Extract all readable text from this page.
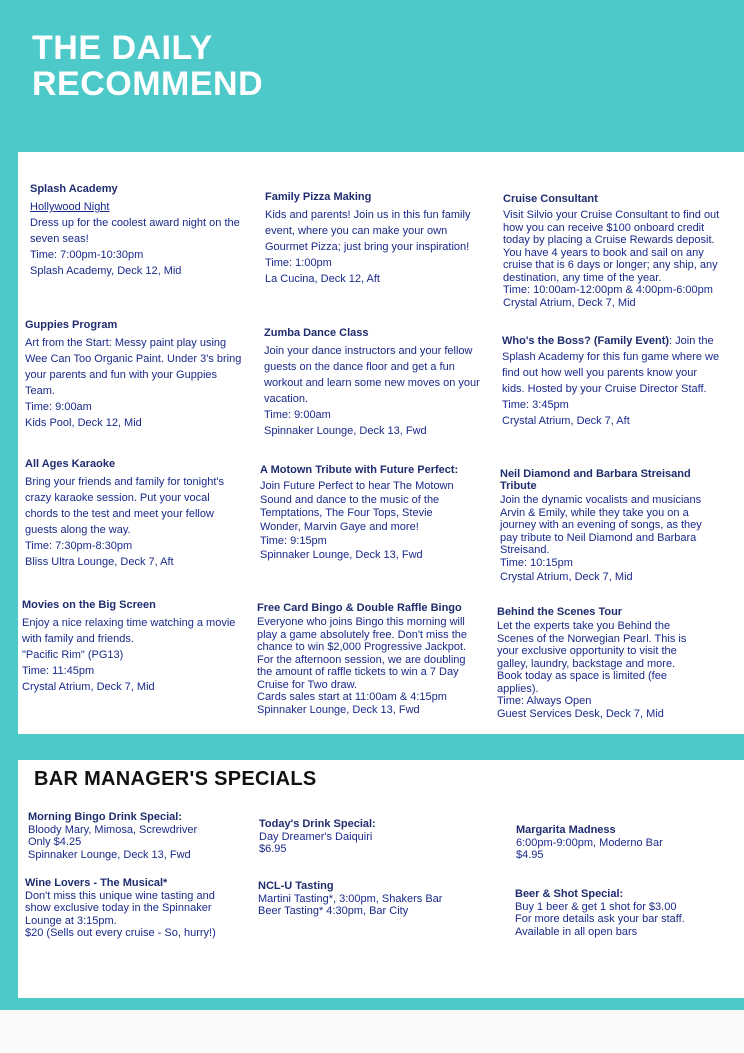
THE DAILY
RECOMMEND
Splash Academy
Hollywood Night
Dress up for the coolest award night on the seven seas!
Time: 7:00pm-10:30pm
Splash Academy, Deck 12, Mid
Family Pizza Making
Kids and parents! Join us in this fun family event, where you can make your own Gourmet Pizza; just bring your inspiration!
Time: 1:00pm
La Cucina, Deck 12, Aft
Cruise Consultant
Visit Silvio your Cruise Consultant to find out how you can receive $100 onboard credit today by placing a Cruise Rewards deposit. You have 4 years to book and sail on any cruise that is 6 days or longer; any ship, any destination, any time of the year.
Time: 10:00am-12:00pm & 4:00pm-6:00pm
Crystal Atrium, Deck 7, Mid
Guppies Program
Art from the Start: Messy paint play using Wee Can Too Organic Paint. Under 3's bring your parents and fun with your Guppies Team.
Time: 9:00am
Kids Pool, Deck 12, Mid
Zumba Dance Class
Join your dance instructors and your fellow guests on the dance floor and get a fun workout and learn some new moves on your vacation.
Time: 9:00am
Spinnaker Lounge, Deck 13, Fwd
Who's the Boss? (Family Event): Join the Splash Academy for this fun game where we find out how well you parents know your kids. Hosted by your Cruise Director Staff.
Time: 3:45pm
Crystal Atrium, Deck 7, Aft
All Ages Karaoke
Bring your friends and family for tonight's crazy karaoke session. Put your vocal chords to the test and meet your fellow guests along the way.
Time: 7:30pm-8:30pm
Bliss Ultra Lounge, Deck 7, Aft
A Motown Tribute with Future Perfect:
Join Future Perfect to hear The Motown Sound and dance to the music of the Temptations, The Four Tops, Stevie Wonder, Marvin Gaye and more!
Time: 9:15pm
Spinnaker Lounge, Deck 13, Fwd
Neil Diamond and Barbara Streisand Tribute
Join the dynamic vocalists and musicians Arvin & Emily, while they take you on a journey with an evening of songs, as they pay tribute to Neil Diamond and Barbara Streisand.
Time: 10:15pm
Crystal Atrium, Deck 7, Mid
Movies on the Big Screen
Enjoy a nice relaxing time watching a movie with family and friends.
"Pacific Rim" (PG13)
Time: 11:45pm
Crystal Atrium, Deck 7, Mid
Free Card Bingo & Double Raffle Bingo
Everyone who joins Bingo this morning will play a game absolutely free. Don't miss the chance to win $2,000 Progressive Jackpot. For the afternoon session, we are doubling the amount of raffle tickets to win a 7 Day Cruise for Two draw.
Cards sales start at 11:00am & 4:15pm
Spinnaker Lounge, Deck 13, Fwd
Behind the Scenes Tour
Let the experts take you Behind the Scenes of the Norwegian Pearl. This is your exclusive opportunity to visit the galley, laundry, backstage and more. Book today as space is limited (fee applies).
Time: Always Open
Guest Services Desk, Deck 7, Mid
BAR MANAGER'S SPECIALS
Morning Bingo Drink Special:
Bloody Mary, Mimosa, Screwdriver
Only $4.25
Spinnaker Lounge, Deck 13, Fwd
Today's Drink Special:
Day Dreamer's Daiquiri
$6.95
Margarita Madness
6:00pm-9:00pm, Moderno Bar
$4.95
Wine Lovers - The Musical*
Don't miss this unique wine tasting and show exclusive today in the Spinnaker Lounge at 3:15pm.
$20 (Sells out every cruise - So, hurry!)
NCL-U Tasting
Martini Tasting*, 3:00pm, Shakers Bar
Beer Tasting* 4:30pm, Bar City
Beer & Shot Special:
Buy 1 beer & get 1 shot for $3.00
For more details ask your bar staff.
Available in all open bars
